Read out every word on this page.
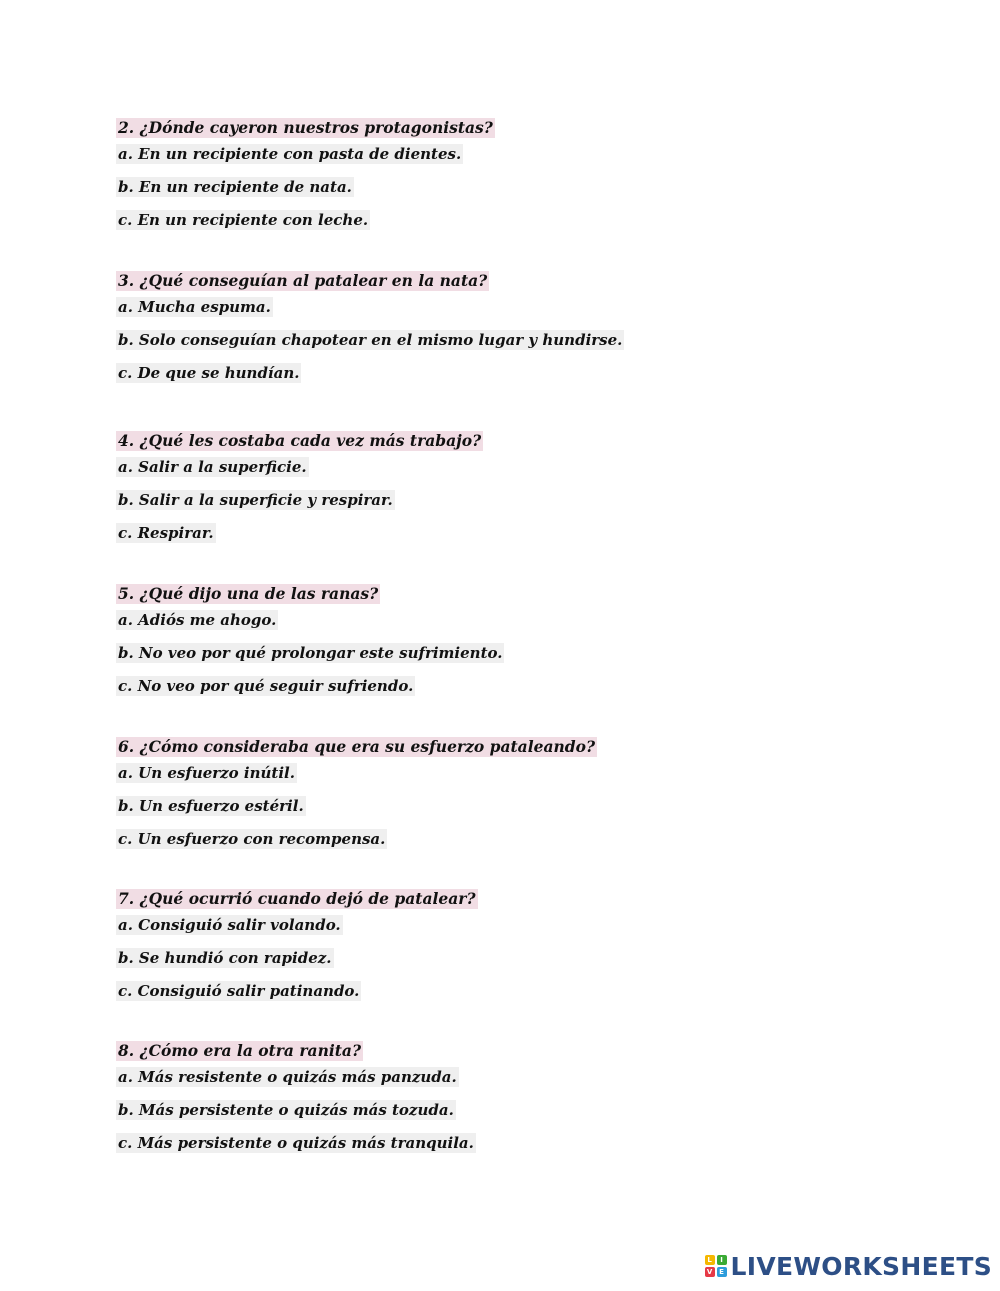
2. ¿Dónde cayeron nuestros protagonistas?
a. En un recipiente con pasta de dientes.
b. En un recipiente de nata.
c. En un recipiente con leche.
3. ¿Qué conseguían al patalear en la nata?
a. Mucha espuma.
b. Solo conseguían chapotear en el mismo lugar y hundirse.
c. De que se hundían.
4. ¿Qué les costaba cada vez más trabajo?
a. Salir a la superficie.
b. Salir a la superficie y respirar.
c. Respirar.
5. ¿Qué dijo una de las ranas?
a. Adiós me ahogo.
b. No veo por qué prolongar este sufrimiento.
c. No veo por qué seguir sufriendo.
6. ¿Cómo consideraba que era su esfuerzo pataleando?
a. Un esfuerzo inútil.
b. Un esfuerzo estéril.
c. Un esfuerzo con recompensa.
7. ¿Qué ocurrió cuando dejó de patalear?
a. Consiguió salir volando.
b. Se hundió con rapidez.
c. Consiguió salir patinando.
8. ¿Cómo era la otra ranita?
a. Más resistente o quizás más panzuda.
b. Más persistente o quizás más tozuda.
c. Más persistente o quizás más tranquila.
L	I
V E LIVEWORKSHEETS
